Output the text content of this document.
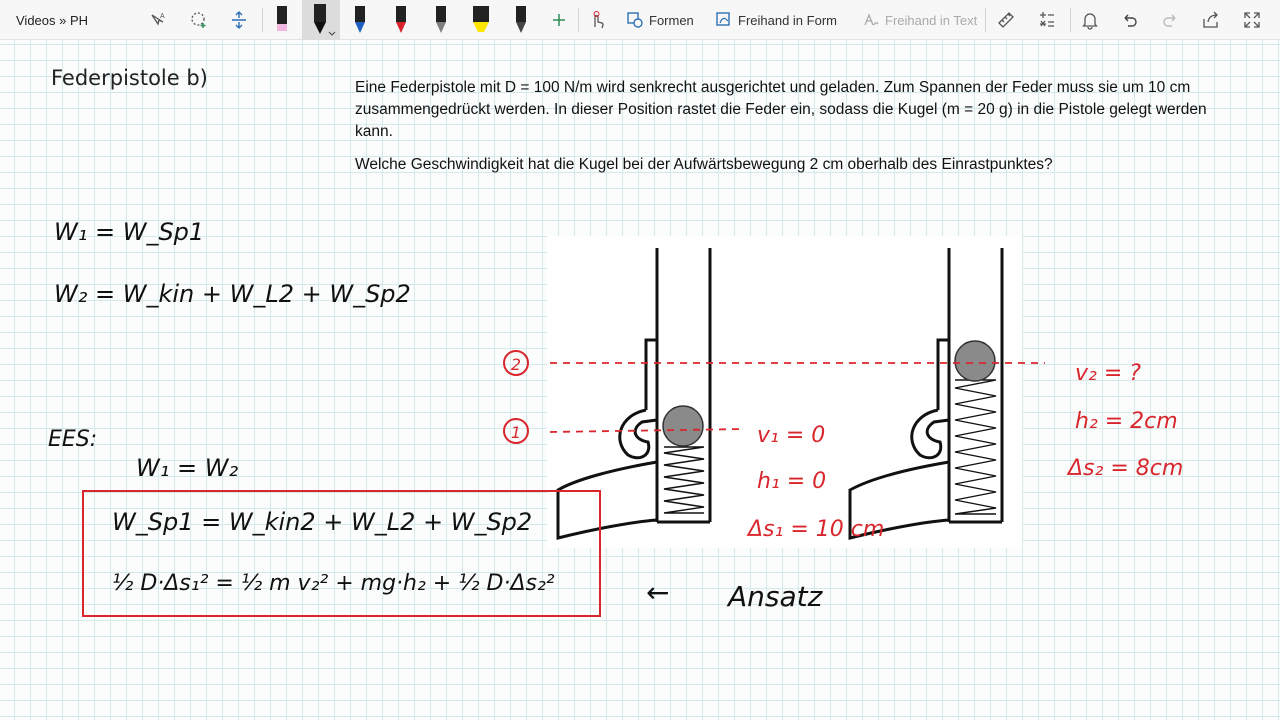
Videos » PH	A	Formen	Freihand in Form	Freihand in Text
Federpistole b)	Eine Federpistole mit D = 100 N/m wird senkrecht ausgerichtet und geladen. Zum Spannen der Feder muss sie um 10 cm zusammengedrückt werden. In dieser Position rastet die Feder ein, sodass die Kugel (m = 20 g) in die Pistole gelegt werden kann.

Welche Geschwindigkeit hat die Kugel bei der Aufwärtsbewegung 2 cm oberhalb des Einrastpunktes?

2
1	v₁ = 0
h₁ = 0
Δs₁ = 10 cm
v₂ = ?
h₂ = 2cm
Δs₂ = 8cm
W₁ = W_Sp1
W₂ = W_kin + W_L2 + W_Sp2
EES:
W₁ = W₂
W_Sp1 = W_kin2 + W_L2 + W_Sp2
½ D·Δs₁² = ½ m v₂² + mg·h₂ + ½ D·Δs₂²	← Ansatz
